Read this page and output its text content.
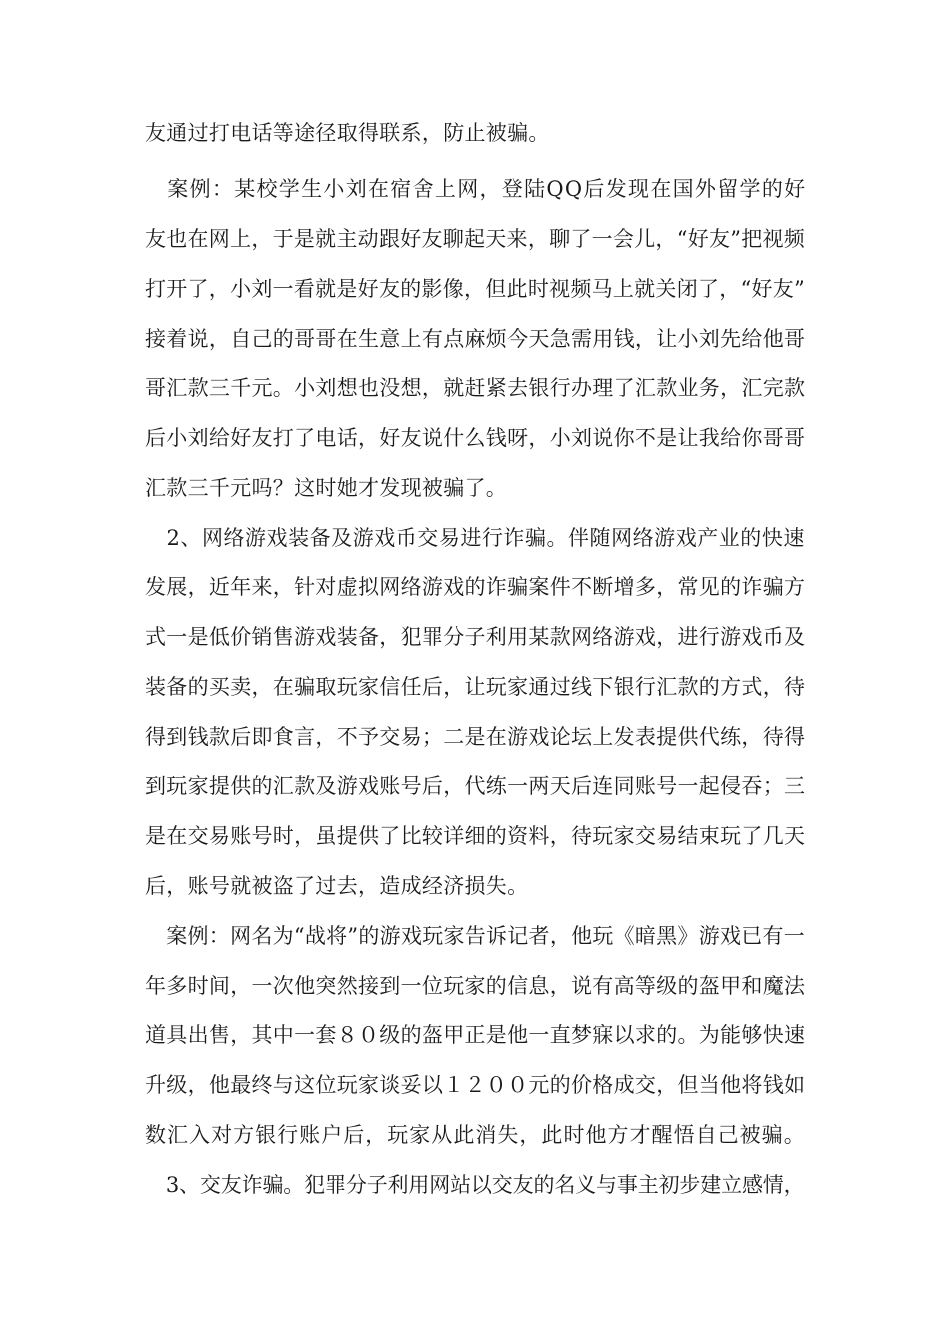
友通过打电话等途径取得联系，防止被骗。
　案例：某校学生小刘在宿舍上网，登陆QQ后发现在国外留学的好
友也在网上，于是就主动跟好友聊起天来，聊了一会儿，“好友”把视频
打开了，小刘一看就是好友的影像，但此时视频马上就关闭了，“好友”
接着说，自己的哥哥在生意上有点麻烦今天急需用钱，让小刘先给他哥
哥汇款三千元。小刘想也没想，就赶紧去银行办理了汇款业务，汇完款
后小刘给好友打了电话，好友说什么钱呀，小刘说你不是让我给你哥哥
汇款三千元吗？这时她才发现被骗了。
　2、网络游戏装备及游戏币交易进行诈骗。伴随网络游戏产业的快速
发展，近年来，针对虚拟网络游戏的诈骗案件不断增多，常见的诈骗方
式一是低价销售游戏装备，犯罪分子利用某款网络游戏，进行游戏币及
装备的买卖，在骗取玩家信任后，让玩家通过线下银行汇款的方式，待
得到钱款后即食言，不予交易；二是在游戏论坛上发表提供代练，待得
到玩家提供的汇款及游戏账号后，代练一两天后连同账号一起侵吞；三
是在交易账号时，虽提供了比较详细的资料，待玩家交易结束玩了几天
后，账号就被盗了过去，造成经济损失。
　案例：网名为“战将”的游戏玩家告诉记者，他玩《暗黑》游戏已有一
年多时间，一次他突然接到一位玩家的信息，说有高等级的盔甲和魔法
道具出售，其中一套８０级的盔甲正是他一直梦寐以求的。为能够快速
升级，他最终与这位玩家谈妥以１２００元的价格成交，但当他将钱如
数汇入对方银行账户后，玩家从此消失，此时他方才醒悟自己被骗。
　3、交友诈骗。犯罪分子利用网站以交友的名义与事主初步建立感情，
